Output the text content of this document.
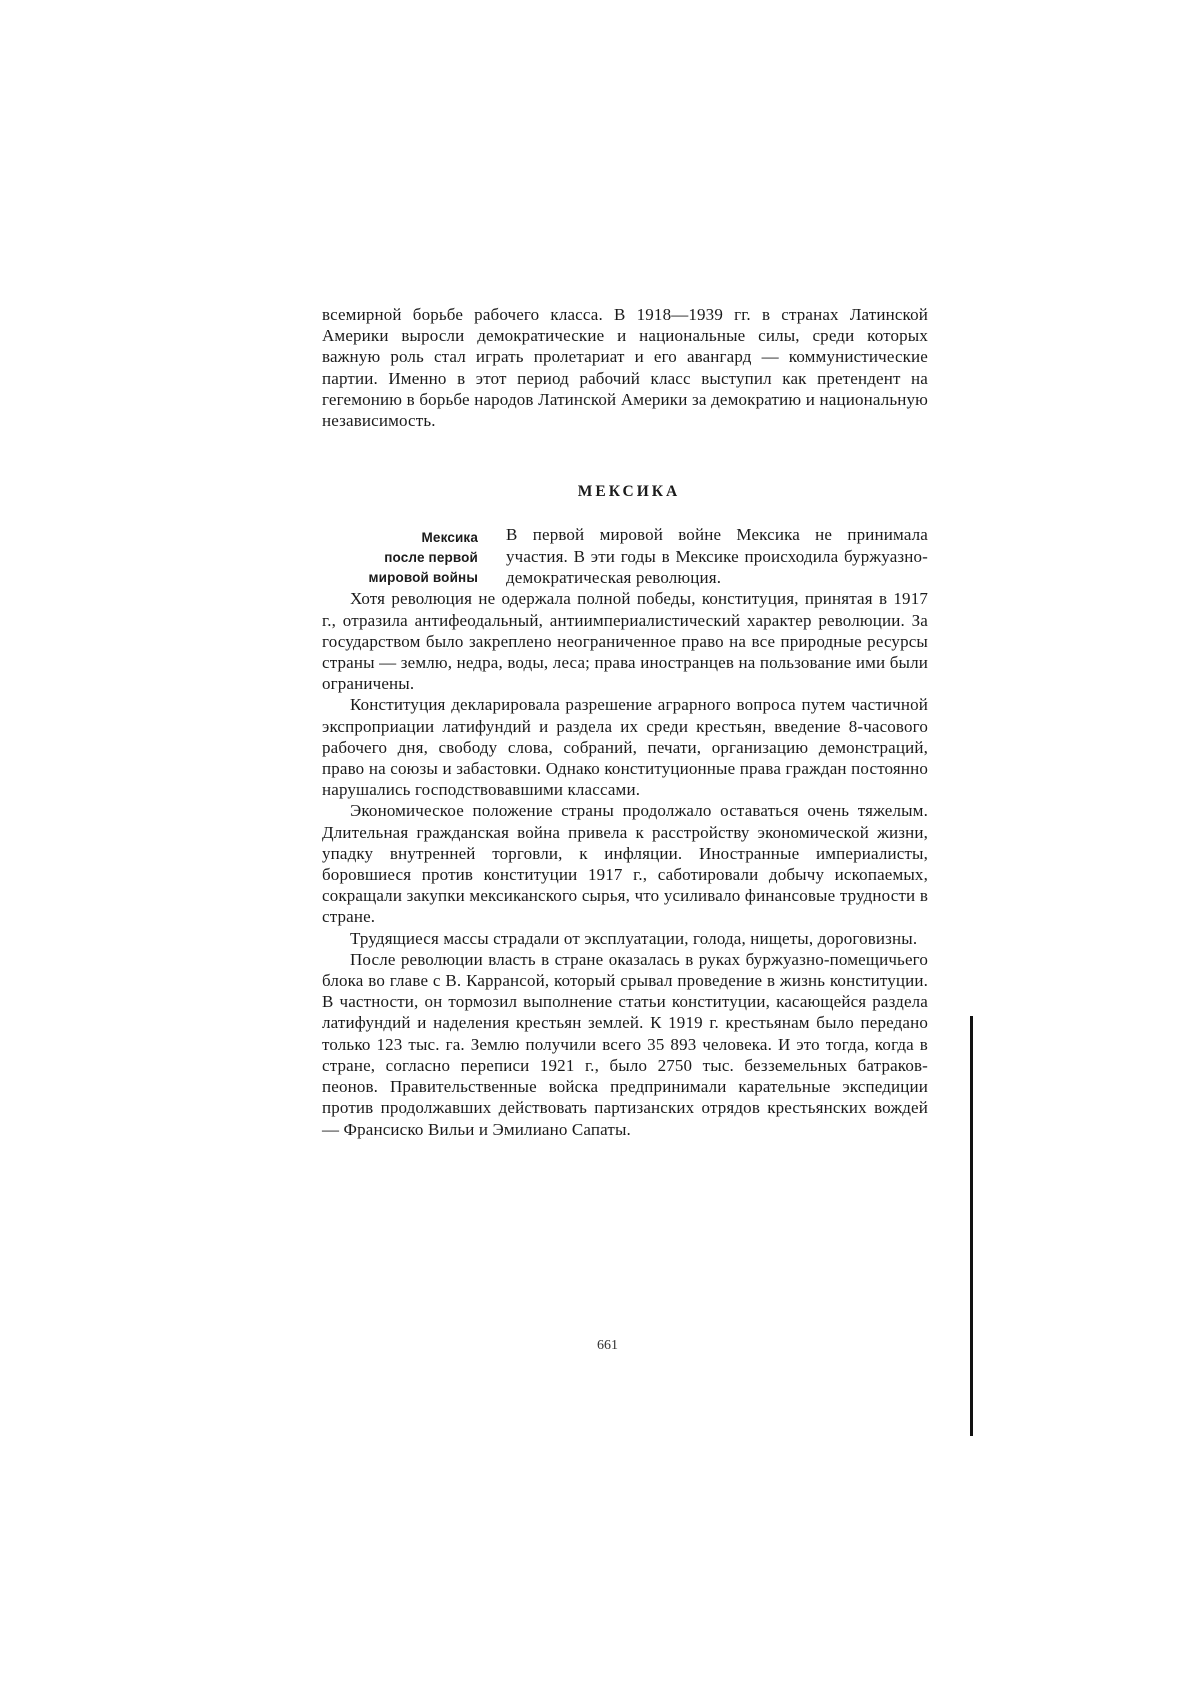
всемирной борьбе рабочего класса. В 1918—1939 гг. в странах Латинской Америки выросли демократические и национальные силы, среди которых важную роль стал играть пролетариат и его авангард — коммунистические партии. Именно в этот период рабочий класс выступил как претендент на гегемонию в борьбе народов Латинской Америки за демократию и национальную независимость.

МЕКСИКА
Мексика
после первой
мировой войны

В первой мировой войне Мексика не принимала участия. В эти годы в Мексике происходила буржуазно-демократическая революция.

Хотя революция не одержала полной победы, конституция, принятая в 1917 г., отразила антифеодальный, антиимпериалистический характер революции. За государством было закреплено неограниченное право на все природные ресурсы страны — землю, недра, воды, леса; права иностранцев на пользование ими были ограничены.

Конституция декларировала разрешение аграрного вопроса путем частичной экспроприации латифундий и раздела их среди крестьян, введение 8-часового рабочего дня, свободу слова, собраний, печати, организацию демонстраций, право на союзы и забастовки. Однако конституционные права граждан постоянно нарушались господствовавшими классами.

Экономическое положение страны продолжало оставаться очень тяжелым. Длительная гражданская война привела к расстройству экономической жизни, упадку внутренней торговли, к инфляции. Иностранные империалисты, боровшиеся против конституции 1917 г., саботировали добычу ископаемых, сокращали закупки мексиканского сырья, что усиливало финансовые трудности в стране.

Трудящиеся массы страдали от эксплуатации, голода, нищеты, дороговизны.

После революции власть в стране оказалась в руках буржуазно-помещичьего блока во главе с В. Каррансой, который срывал проведение в жизнь конституции. В частности, он тормозил выполнение статьи конституции, касающейся раздела латифундий и наделения крестьян землей. К 1919 г. крестьянам было передано только 123 тыс. га. Землю получили всего 35 893 человека. И это тогда, когда в стране, согласно переписи 1921 г., было 2750 тыс. безземельных батраков-пеонов. Правительственные войска предпринимали карательные экспедиции против продолжавших действовать партизанских отрядов крестьянских вождей — Франсиско Вильи и Эмилиано Сапаты.

661
